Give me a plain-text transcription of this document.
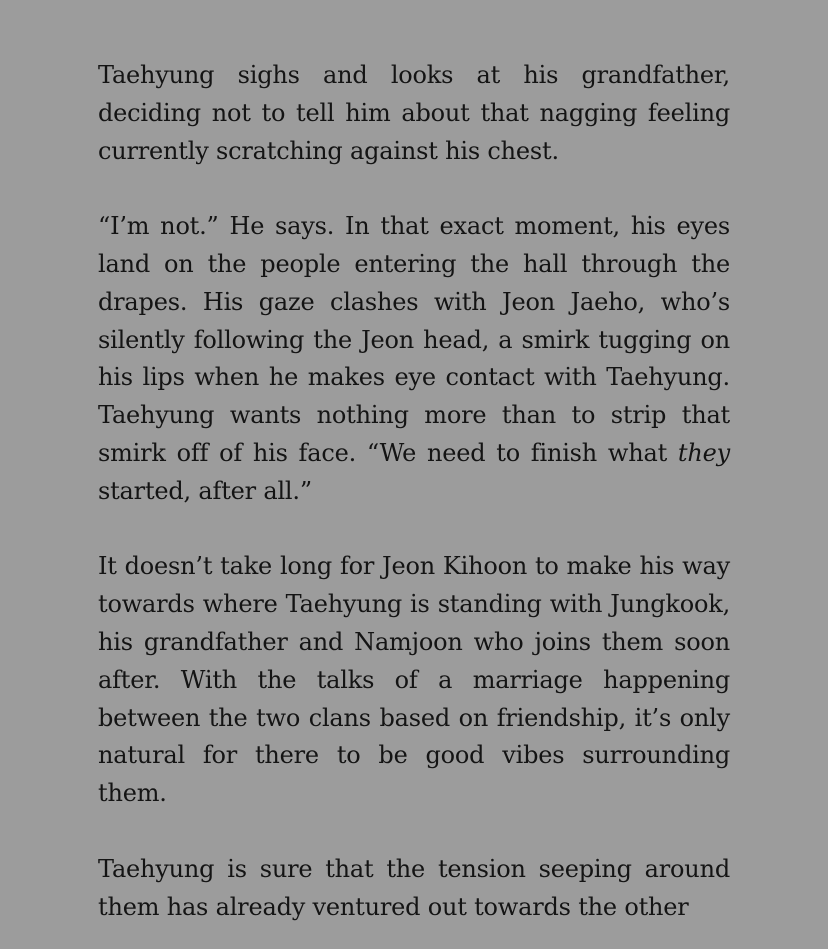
Taehyung sighs and looks at his grandfather, deciding not to tell him about that nagging feeling currently scratching against his chest.

“I’m not.” He says. In that exact moment, his eyes land on the people entering the hall through the drapes. His gaze clashes with Jeon Jaeho, who’s silently following the Jeon head, a smirk tugging on his lips when he makes eye contact with Taehyung. Taehyung wants nothing more than to strip that smirk off of his face. “We need to finish what they started, after all.”

It doesn’t take long for Jeon Kihoon to make his way towards where Taehyung is standing with Jungkook, his grandfather and Namjoon who joins them soon after. With the talks of a marriage happening between the two clans based on friendship, it’s only natural for there to be good vibes surrounding them.

Taehyung is sure that the tension seeping around them has already ventured out towards the other
